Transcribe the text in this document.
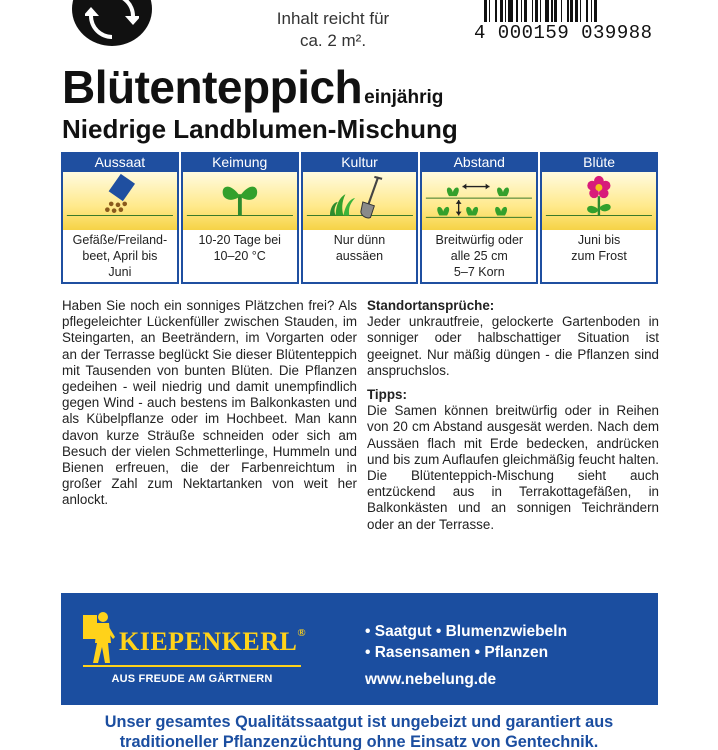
Inhalt reicht für
ca. 2 m².	4 000159 039988
Blütenteppich einjährig
Niedrige Landblumen-Mischung
Aussaat
Gefäße/Freiland-
beet, April bis
Juni
Keimung
10-20 Tage bei
10–20 °C
Kultur
Nur dünn
aussäen
Abstand
Breitwürfig oder
alle 25 cm
5–7 Korn
Blüte
Juni bis
zum Frost
Haben Sie noch ein sonniges Plätzchen frei? Als pflegeleichter Lückenfüller zwischen Stauden, im Steingarten, an Beeträndern, im Vorgarten oder an der Terrasse beglückt Sie dieser Blütenteppich mit Tausenden von bunten Blüten. Die Pflanzen gedeihen - weil niedrig und damit unempfindlich gegen Wind - auch bestens im Balkonkasten und als Kübelpflanze oder im Hochbeet. Man kann davon kurze Sträuße schneiden oder sich am Besuch der vielen Schmetterlinge, Hummeln und Bienen erfreuen, die der Farbenreichtum in großer Zahl zum Nektartanken von weit her anlockt.
Standortansprüche:
Jeder unkrautfreie, gelockerte Gartenboden in sonniger oder halbschattiger Situation ist geeignet. Nur mäßig düngen - die Pflanzen sind anspruchslos.
Tipps:
Die Samen können breitwürfig oder in Reihen von 20 cm Abstand ausgesät werden. Nach dem Aussäen flach mit Erde bedecken, andrücken und bis zum Auflaufen gleichmäßig feucht halten. Die Blütenteppich-Mischung sieht auch entzückend aus in Terrakottagefäßen, in Balkonkästen und an sonnigen Teichrändern oder an der Terrasse.
KIEPENKERL®
AUS FREUDE AM GÄRTNERN
• Saatgut • Blumenzwiebeln
• Rasensamen • Pflanzen
www.nebelung.de
Unser gesamtes Qualitätssaatgut ist ungebeizt und garantiert aus
traditioneller Pflanzenzüchtung ohne Einsatz von Gentechnik.
